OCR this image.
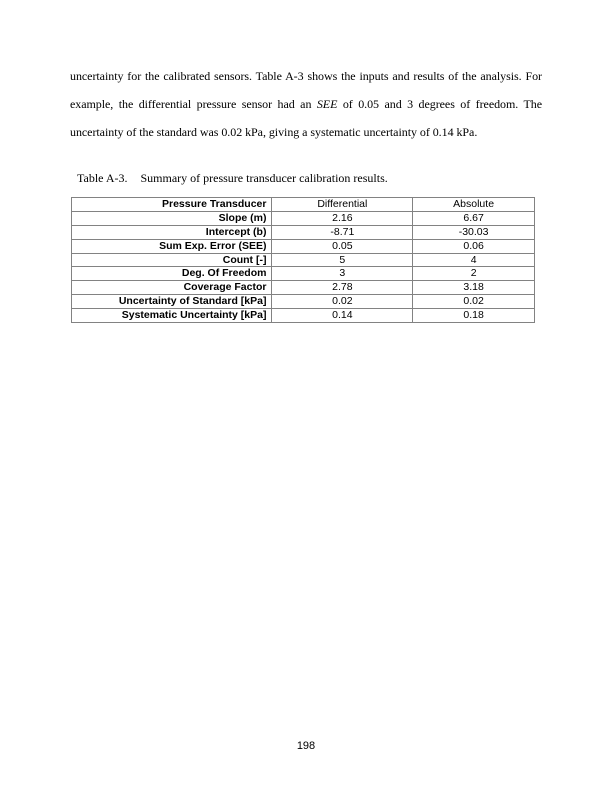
uncertainty for the calibrated sensors. Table A-3 shows the inputs and results of the analysis. For
example, the differential pressure sensor had an SEE of 0.05 and 3 degrees of freedom. The
uncertainty of the standard was 0.02 kPa, giving a systematic uncertainty of 0.14 kPa.
Table A-3. Summary of pressure transducer calibration results.
Pressure Transducer	Differential	Absolute
Slope (m)	2.16	6.67
Intercept (b)	-8.71	-30.03
Sum Exp. Error (SEE)	0.05	0.06
Count [-]	5	4
Deg. Of Freedom	3	2
Coverage Factor	2.78	3.18
Uncertainty of Standard [kPa]	0.02	0.02
Systematic Uncertainty [kPa]	0.14	0.18
198
